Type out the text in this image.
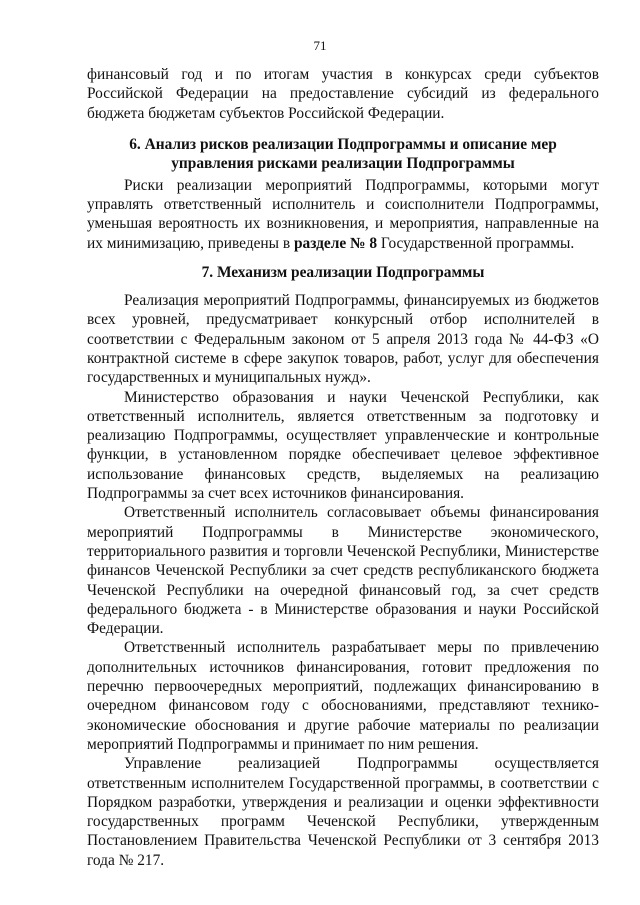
71

финансовый год и по итогам участия в конкурсах среди субъектов Российской Федерации на предоставление субсидий из федерального бюджета бюджетам субъектов Российской Федерации.

6. Анализ рисков реализации Подпрограммы и описание мер
управления рисками реализации Подпрограммы

Риски реализации мероприятий Подпрограммы, которыми могут управлять ответственный исполнитель и соисполнители Подпрограммы, уменьшая вероятность их возникновения, и мероприятия, направленные на их минимизацию, приведены в разделе № 8 Государственной программы.

7. Механизм реализации Подпрограммы

Реализация мероприятий Подпрограммы, финансируемых из бюджетов всех уровней, предусматривает конкурсный отбор исполнителей в соответствии с Федеральным законом от 5 апреля 2013 года № 44-ФЗ «О контрактной системе в сфере закупок товаров, работ, услуг для обеспечения государственных и муниципальных нужд».

Министерство образования и науки Чеченской Республики, как ответственный исполнитель, является ответственным за подготовку и реализацию Подпрограммы, осуществляет управленческие и контрольные функции, в установленном порядке обеспечивает целевое эффективное использование финансовых средств, выделяемых на реализацию Подпрограммы за счет всех источников финансирования.

Ответственный исполнитель согласовывает объемы финансирования мероприятий Подпрограммы в Министерстве экономического, территориального развития и торговли Чеченской Республики, Министерстве финансов Чеченской Республики за счет средств республиканского бюджета Чеченской Республики на очередной финансовый год, за счет средств федерального бюджета - в Министерстве образования и науки Российской Федерации.

Ответственный исполнитель разрабатывает меры по привлечению дополнительных источников финансирования, готовит предложения по перечню первоочередных мероприятий, подлежащих финансированию в очередном финансовом году с обоснованиями, представляют технико-экономические обоснования и другие рабочие материалы по реализации мероприятий Подпрограммы и принимает по ним решения.

Управление реализацией Подпрограммы осуществляется ответственным исполнителем Государственной программы, в соответствии с Порядком разработки, утверждения и реализации и оценки эффективности государственных программ Чеченской Республики, утвержденным Постановлением Правительства Чеченской Республики от 3 сентября 2013 года № 217.
